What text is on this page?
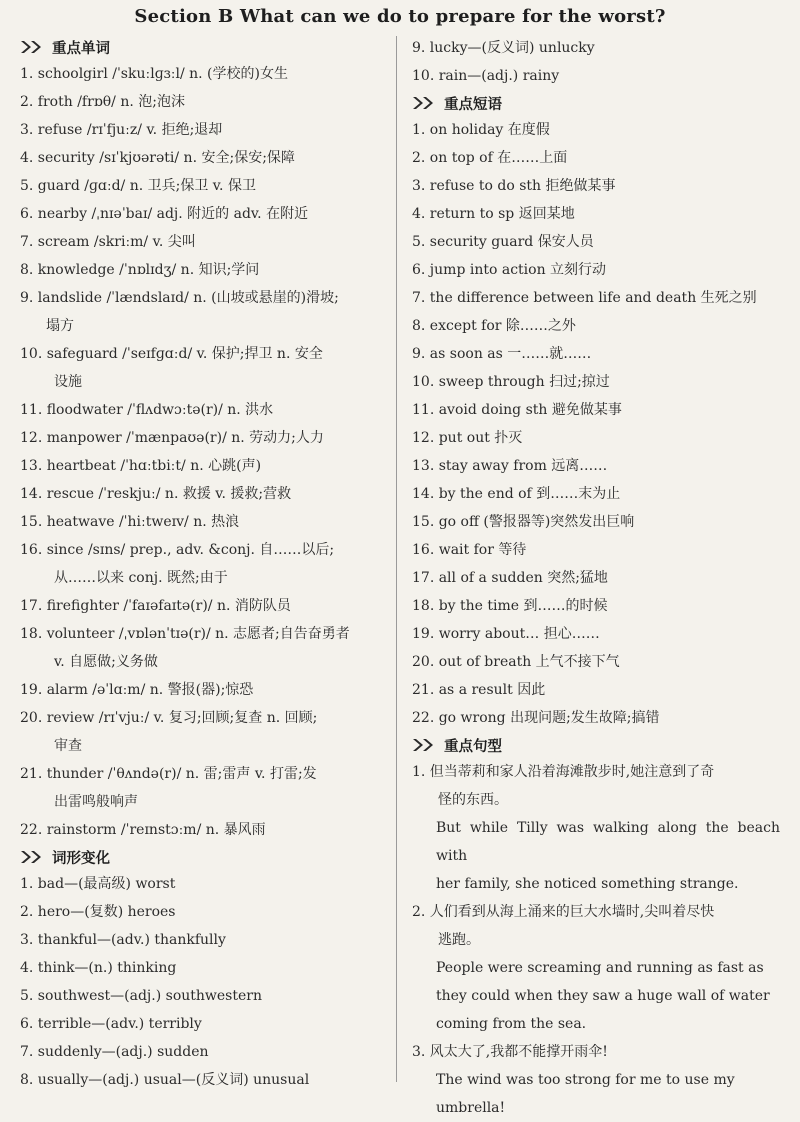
Section B What can we do to prepare for the worst?
重点单词
1. schoolgirl /ˈskuːlɡɜːl/ n. (学校的)女生
2. froth /frɒθ/ n. 泡;泡沫
3. refuse /rɪˈfjuːz/ v. 拒绝;退却
4. security /sɪˈkjʊərəti/ n. 安全;保安;保障
5. guard /ɡɑːd/ n. 卫兵;保卫 v. 保卫
6. nearby /ˌnɪəˈbaɪ/ adj. 附近的 adv. 在附近
7. scream /skriːm/ v. 尖叫
8. knowledge /ˈnɒlɪdʒ/ n. 知识;学问
9. landslide /ˈlændslaɪd/ n. (山坡或悬崖的)滑坡;
塌方
10. safeguard /ˈseɪfɡɑːd/ v. 保护;捍卫 n. 安全
设施
11. floodwater /ˈflʌdwɔːtə(r)/ n. 洪水
12. manpower /ˈmænpaʊə(r)/ n. 劳动力;人力
13. heartbeat /ˈhɑːtbiːt/ n. 心跳(声)
14. rescue /ˈreskjuː/ n. 救援 v. 援救;营救
15. heatwave /ˈhiːtweɪv/ n. 热浪
16. since /sɪns/ prep., adv. &conj. 自……以后;
从……以来 conj. 既然;由于
17. firefighter /ˈfaɪəfaɪtə(r)/ n. 消防队员
18. volunteer /ˌvɒlənˈtɪə(r)/ n. 志愿者;自告奋勇者
v. 自愿做;义务做
19. alarm /əˈlɑːm/ n. 警报(器);惊恐
20. review /rɪˈvjuː/ v. 复习;回顾;复查 n. 回顾;
审查
21. thunder /ˈθʌndə(r)/ n. 雷;雷声 v. 打雷;发
出雷鸣般响声
22. rainstorm /ˈreɪnstɔːm/ n. 暴风雨
词形变化
1. bad—(最高级) worst
2. hero—(复数) heroes
3. thankful—(adv.) thankfully
4. think—(n.) thinking
5. southwest—(adj.) southwestern
6. terrible—(adv.) terribly
7. suddenly—(adj.) sudden
8. usually—(adj.) usual—(反义词) unusual
9. lucky—(反义词) unlucky
10. rain—(adj.) rainy
重点短语
1. on holiday 在度假
2. on top of 在……上面
3. refuse to do sth 拒绝做某事
4. return to sp 返回某地
5. security guard 保安人员
6. jump into action 立刻行动
7. the difference between life and death 生死之别
8. except for 除……之外
9. as soon as 一……就……
10. sweep through 扫过;掠过
11. avoid doing sth 避免做某事
12. put out 扑灭
13. stay away from 远离……
14. by the end of 到……末为止
15. go off (警报器等)突然发出巨响
16. wait for 等待
17. all of a sudden 突然;猛地
18. by the time 到……的时候
19. worry about… 担心……
20. out of breath 上气不接下气
21. as a result 因此
22. go wrong 出现问题;发生故障;搞错
重点句型
1. 但当蒂莉和家人沿着海滩散步时,她注意到了奇
怪的东西。
But while Tilly was walking along the beach with
her family, she noticed something strange.
2. 人们看到从海上涌来的巨大水墙时,尖叫着尽快
逃跑。
People were screaming and running as fast as
they could when they saw a huge wall of water
coming from the sea.
3. 风太大了,我都不能撑开雨伞!
The wind was too strong for me to use my
umbrella!
